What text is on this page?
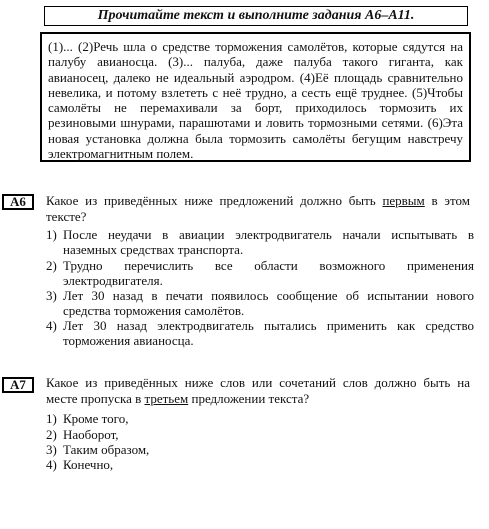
Прочитайте текст и выполните задания А6–А11.
(1)... (2)Речь шла о средстве торможения самолётов, которые сядутся на
палубу авианосца. (3)... палуба, даже палуба такого гиганта, как
авианосец, далеко не идеальный аэродром. (4)Её площадь сравнительно
невелика, и потому взлететь с неё трудно, а сесть ещё труднее. (5)Чтобы
самолёты не перемахивали за борт, приходилось тормозить их
резиновыми шнурами, парашютами и ловить тормозными сетями. (6)Эта
новая установка должна была тормозить самолёты бегущим навстречу
электромагнитным полем.
А6	Какое из приведённых ниже предложений должно быть первым в этом
тексте?
1) После неудачи в авиации электродвигатель начали испытывать в
наземных средствах транспорта.
2) Трудно перечислить все области возможного применения
электродвигателя.
3) Лет 30 назад в печати появилось сообщение об испытании нового
средства торможения самолётов.
4) Лет 30 назад электродвигатель пытались применить как средство
торможения авианосца.
А7	Какое из приведённых ниже слов или сочетаний слов должно быть на
месте пропуска в третьем предложении текста?
1) Кроме того,
2) Наоборот,
3) Таким образом,
4) Конечно,
